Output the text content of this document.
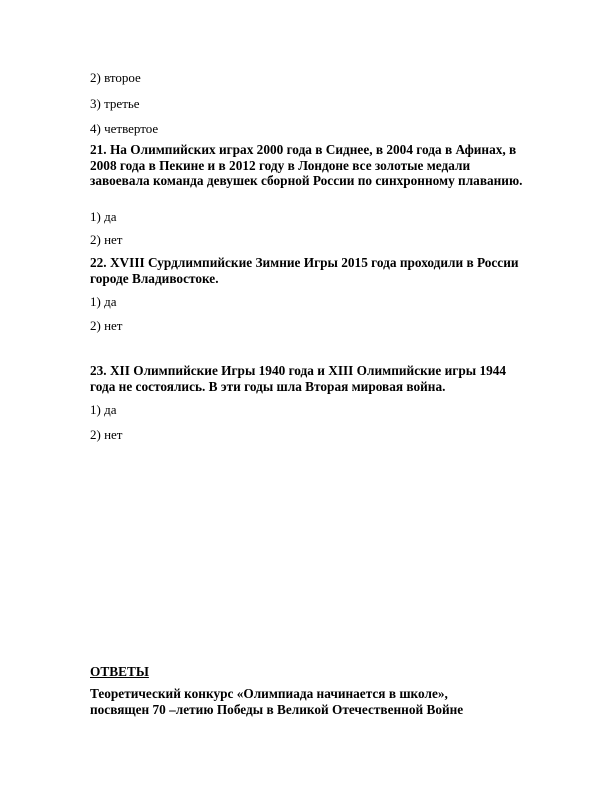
2) второе
3) третье
4) четвертое
21. На Олимпийских играх 2000 года в Сиднее, в 2004 года в Афинах, в 2008 года в Пекине и в 2012 году в Лондоне все золотые медали завоевала команда девушек сборной России по синхронному плаванию.
1) да
2) нет
22. XVIII Сурдлимпийские Зимние Игры 2015 года проходили в России городе Владивостоке.
1) да
2) нет
23. XII Олимпийские Игры 1940 года и XIII Олимпийские игры 1944 года не состоялись. В эти годы шла Вторая мировая война.
1) да
2) нет
ОТВЕТЫ
Теоретический конкурс «Олимпиада начинается в школе»,
посвящен 70 –летию Победы в Великой Отечественной Войне
